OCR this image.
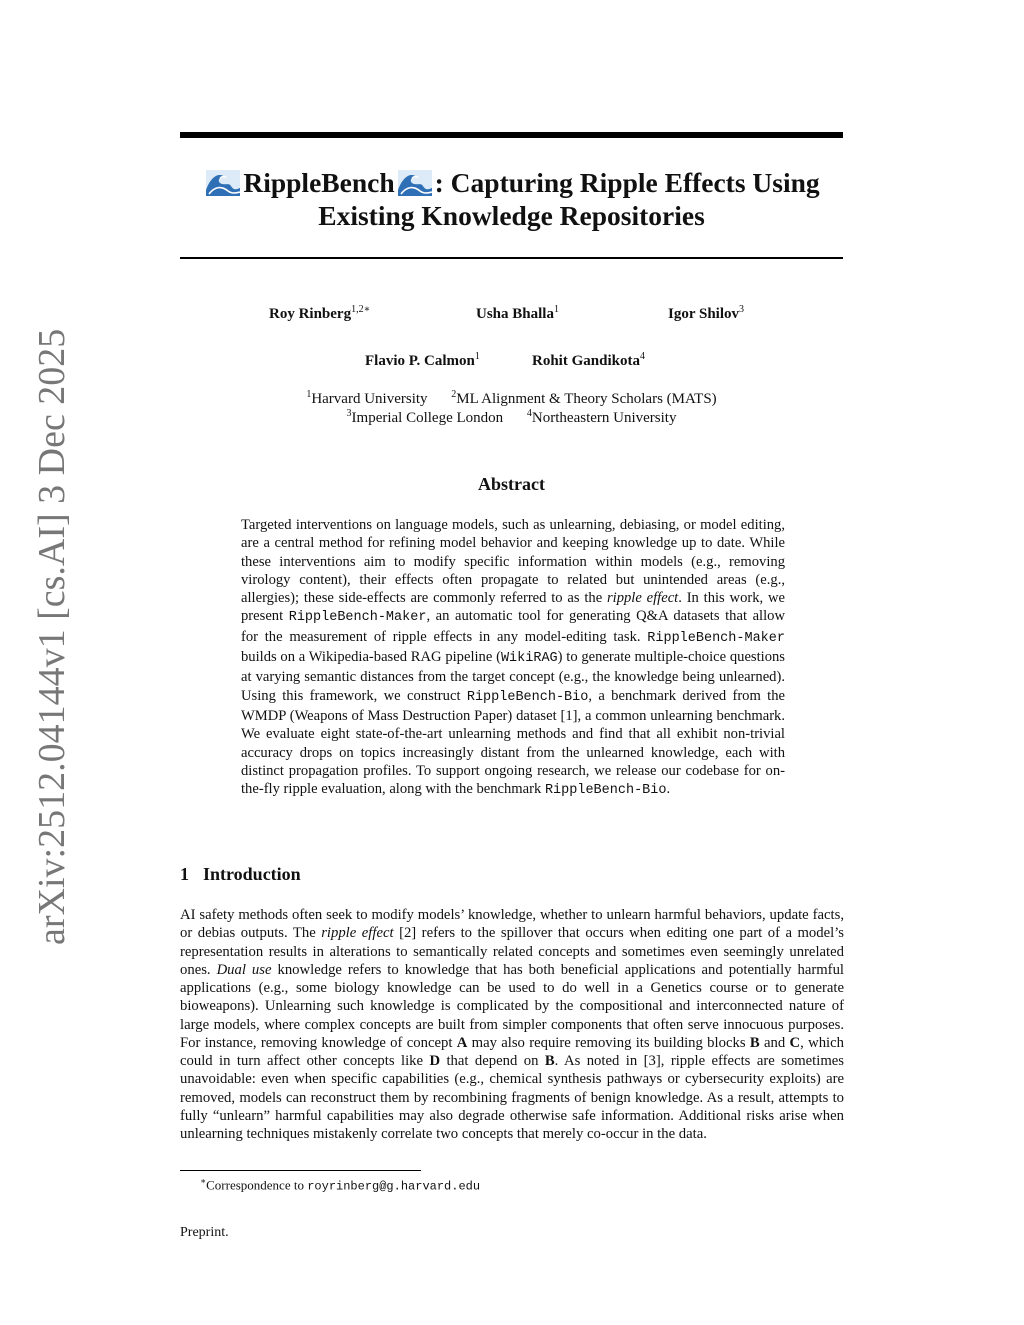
arXiv:2512.04144v1 [cs.AI] 3 Dec 2025
RippleBench : Capturing Ripple Effects Using
Existing Knowledge Repositories
Roy Rinberg$^{1,2∗}$	Usha Bhalla$^1$	Igor Shilov$^3$
Flavio P. Calmon$^1$	Rohit Gandikota$^4$
$^1$Harvard University $^2$ML Alignment & Theory Scholars (MATS)
$^3$Imperial College London $^4$Northeastern University
Abstract
Targeted interventions on language models, such as unlearning, debiasing, or model editing, are a central method for refining model behavior and keeping knowledge up to date. While these interventions aim to modify specific information within models (e.g., removing virology content), their effects often propagate to related but unintended areas (e.g., allergies); these side-effects are commonly referred to as the ripple effect. In this work, we present RippleBench-Maker, an automatic tool for generating Q&A datasets that allow for the measurement of ripple effects in any model-editing task. RippleBench-Maker builds on a Wikipedia-based RAG pipeline (WikiRAG) to generate multiple-choice questions at varying semantic distances from the target concept (e.g., the knowledge being unlearned). Using this framework, we construct RippleBench-Bio, a benchmark derived from the WMDP (Weapons of Mass Destruction Paper) dataset [1], a common unlearning benchmark. We evaluate eight state-of-the-art unlearning methods and find that all exhibit non-trivial accuracy drops on topics increasingly distant from the unlearned knowledge, each with distinct propagation profiles. To support ongoing research, we release our codebase for on-the-fly ripple evaluation, along with the benchmark RippleBench-Bio.
1 Introduction
AI safety methods often seek to modify models’ knowledge, whether to unlearn harmful behaviors, update facts, or debias outputs. The ripple effect [2] refers to the spillover that occurs when editing one part of a model’s representation results in alterations to semantically related concepts and sometimes even seemingly unrelated ones. Dual use knowledge refers to knowledge that has both beneficial applications and potentially harmful applications (e.g., some biology knowledge can be used to do well in a Genetics course or to generate bioweapons). Unlearning such knowledge is complicated by the compositional and interconnected nature of large models, where complex concepts are built from simpler components that often serve innocuous purposes. For instance, removing knowledge of concept A may also require removing its building blocks B and C, which could in turn affect other concepts like D that depend on B. As noted in [3], ripple effects are sometimes unavoidable: even when specific capabilities (e.g., chemical synthesis pathways or cybersecurity exploits) are removed, models can reconstruct them by recombining fragments of benign knowledge. As a result, attempts to fully “unlearn” harmful capabilities may also degrade otherwise safe information. Additional risks arise when unlearning techniques mistakenly correlate two concepts that merely co-occur in the data.
∗Correspondence to royrinberg@g.harvard.edu
Preprint.
